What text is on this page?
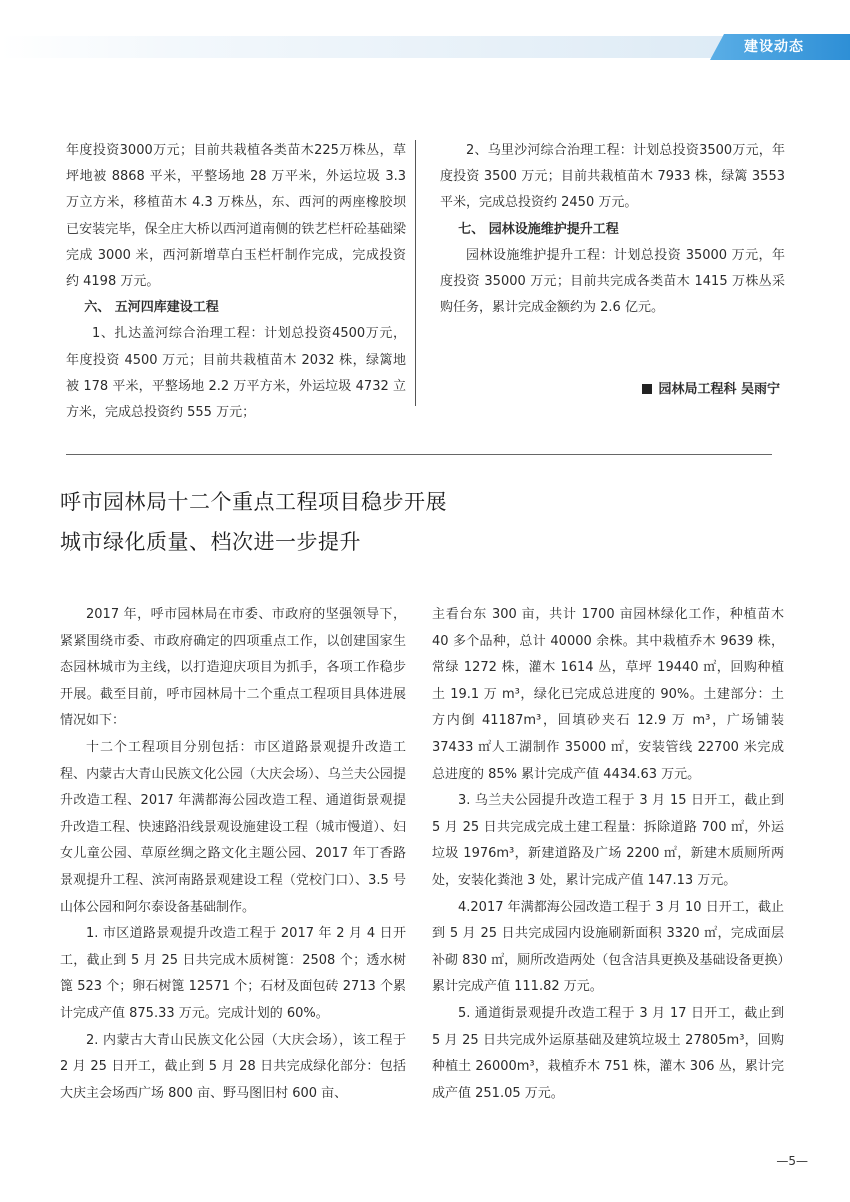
建设动态

年度投资3000万元；目前共栽植各类苗木225万株丛，草坪地被 8868 平米，平整场地 28 万平米，外运垃圾 3.3 万立方米，移植苗木 4.3 万株丛，东、西河的两座橡胶坝已安装完毕，保全庄大桥以西河道南侧的铁艺栏杆砼基础梁完成 3000 米，西河新增草白玉栏杆制作完成，完成投资约 4198 万元。

六、 五河四库建设工程

1、扎达盖河综合治理工程：计划总投资4500万元，年度投资 4500 万元；目前共栽植苗木 2032 株，绿篱地被 178 平米，平整场地 2.2 万平方米，外运垃圾 4732 立方米，完成总投资约 555 万元；

2、乌里沙河综合治理工程：计划总投资3500万元，年度投资 3500 万元；目前共栽植苗木 7933 株，绿篱 3553 平米，完成总投资约 2450 万元。

七、 园林设施维护提升工程

园林设施维护提升工程：计划总投资 35000 万元，年度投资 35000 万元；目前共完成各类苗木 1415 万株丛采购任务，累计完成金额约为 2.6 亿元。

园林局工程科 吴雨宁
呼市园林局十二个重点工程项目稳步开展
城市绿化质量、档次进一步提升

2017 年，呼市园林局在市委、市政府的坚强领导下，紧紧围绕市委、市政府确定的四项重点工作，以创建国家生态园林城市为主线，以打造迎庆项目为抓手，各项工作稳步开展。截至目前，呼市园林局十二个重点工程项目具体进展情况如下：

十二个工程项目分别包括：市区道路景观提升改造工程、内蒙古大青山民族文化公园（大庆会场）、乌兰夫公园提升改造工程、2017 年满都海公园改造工程、通道街景观提升改造工程、快速路沿线景观设施建设工程（城市慢道）、妇女儿童公园、草原丝绸之路文化主题公园、2017 年丁香路景观提升工程、滨河南路景观建设工程（党校门口）、3.5 号山体公园和阿尔泰设备基础制作。

1. 市区道路景观提升改造工程于 2017 年 2 月 4 日开工，截止到 5 月 25 日共完成木质树篦：2508 个；透水树篦 523 个；卵石树篦 12571 个；石材及面包砖 2713 个累计完成产值 875.33 万元。完成计划的 60%。

2. 内蒙古大青山民族文化公园（大庆会场），该工程于 2 月 25 日开工，截止到 5 月 28 日共完成绿化部分：包括大庆主会场西广场 800 亩、野马图旧村 600 亩、

主看台东 300 亩，共计 1700 亩园林绿化工作，种植苗木 40 多个品种，总计 40000 余株。其中栽植乔木 9639 株，常绿 1272 株，灌木 1614 丛，草坪 19440 ㎡，回购种植土 19.1 万 m³，绿化已完成总进度的 90%。土建部分：土方内倒 41187m³，回填砂夹石 12.9 万 m³，广场铺装 37433 ㎡人工湖制作 35000 ㎡，安装管线 22700 米完成总进度的 85% 累计完成产值 4434.63 万元。

3. 乌兰夫公园提升改造工程于 3 月 15 日开工，截止到 5 月 25 日共完成完成土建工程量：拆除道路 700 ㎡，外运垃圾 1976m³，新建道路及广场 2200 ㎡，新建木质厕所两处，安装化粪池 3 处，累计完成产值 147.13 万元。

4.2017 年满都海公园改造工程于 3 月 10 日开工，截止到 5 月 25 日共完成园内设施刷新面积 3320 ㎡，完成面层补砌 830 ㎡，厕所改造两处（包含洁具更换及基础设备更换）累计完成产值 111.82 万元。

5. 通道街景观提升改造工程于 3 月 17 日开工，截止到 5 月 25 日共完成外运原基础及建筑垃圾土 27805m³，回购种植土 26000m³，栽植乔木 751 株，灌木 306 丛，累计完成产值 251.05 万元。

—5—
